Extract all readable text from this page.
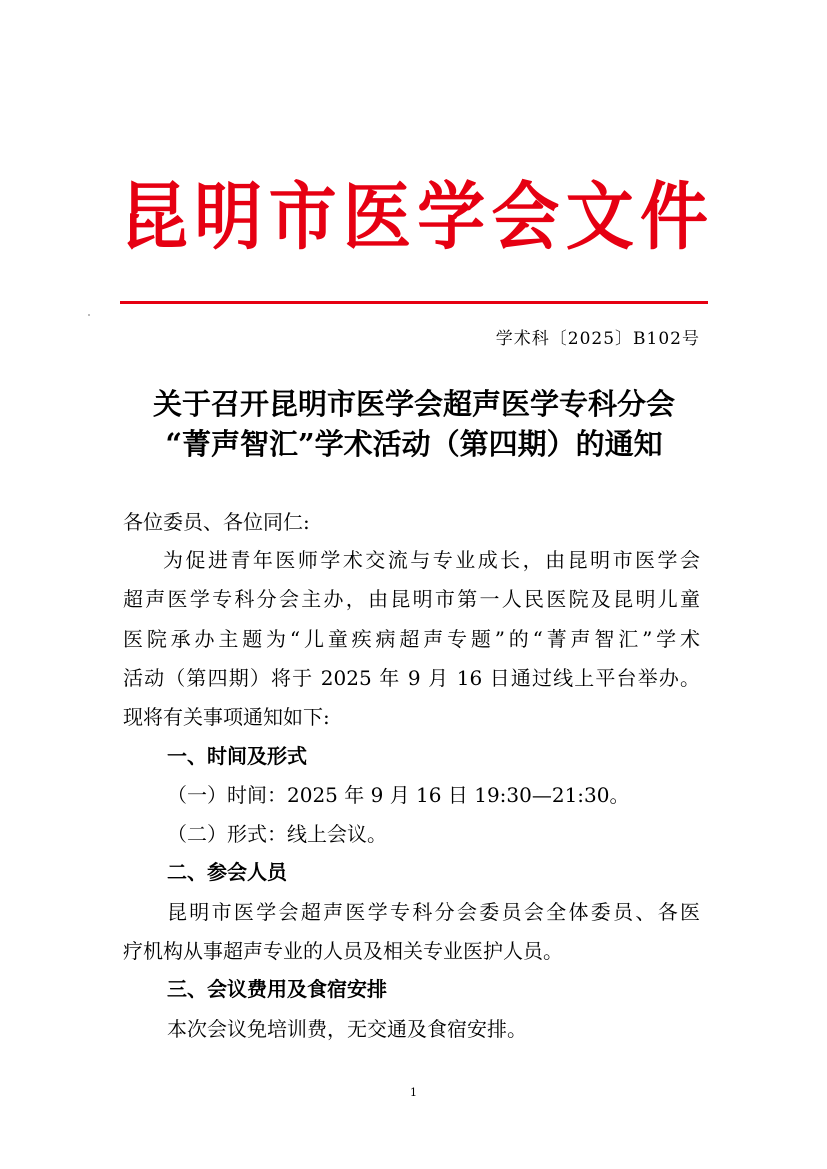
昆 明 市 医 学 会 文 件
学术科〔2025〕B102号
关于召开昆明市医学会超声医学专科分会
“菁声智汇”学术活动（第四期）的通知
各位委员、各位同仁:
为促进青年医师学术交流与专业成长，由昆明市医学会
超声医学专科分会主办，由昆明市第一人民医院及昆明儿童
医院承办主题为“儿童疾病超声专题”的“菁声智汇”学术
活动（第四期）将于 2025 年 9 月 16 日通过线上平台举办。
现将有关事项通知如下:
一、时间及形式
（一）时间：2025 年 9 月 16 日 19:30—21:30。
（二）形式：线上会议。
二、参会人员
昆明市医学会超声医学专科分会委员会全体委员、各医
疗机构从事超声专业的人员及相关专业医护人员。
三、会议费用及食宿安排
本次会议免培训费，无交通及食宿安排。
1
